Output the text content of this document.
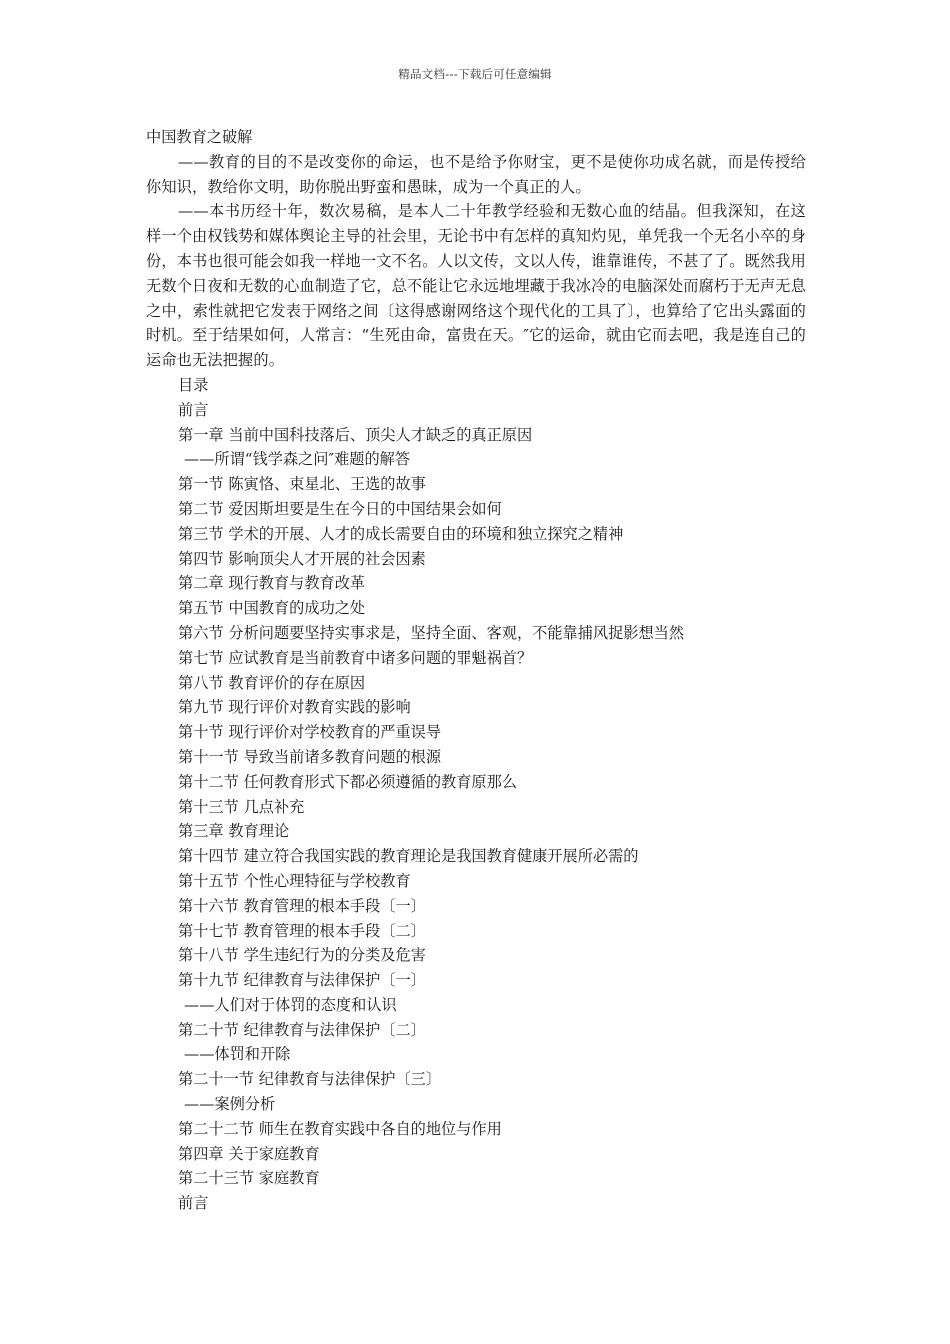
精品文档---下载后可任意编辑
中国教育之破解

——教育的目的不是改变你的命运，也不是给予你财宝，更不是使你功成名就，而是传授给你知识，教给你文明，助你脱出野蛮和愚昧，成为一个真正的人。

——本书历经十年，数次易稿，是本人二十年教学经验和无数心血的结晶。但我深知，在这样一个由权钱势和媒体舆论主导的社会里，无论书中有怎样的真知灼见，单凭我一个无名小卒的身份，本书也很可能会如我一样地一文不名。人以文传，文以人传，谁靠谁传，不甚了了。既然我用无数个日夜和无数的心血制造了它，总不能让它永远地埋藏于我冰冷的电脑深处而腐朽于无声无息之中，索性就把它发表于网络之间〔这得感谢网络这个现代化的工具了〕，也算给了它出头露面的时机。至于结果如何，人常言：“生死由命，富贵在天。″它的运命，就由它而去吧，我是连自己的运命也无法把握的。

目录
前言
第一章 当前中国科技落后、顶尖人才缺乏的真正原因
——所谓“钱学森之问″难题的解答
第一节 陈寅恪、束星北、王选的故事
第二节 爱因斯坦要是生在今日的中国结果会如何
第三节 学术的开展、人才的成长需要自由的环境和独立探究之精神
第四节 影响顶尖人才开展的社会因素
第二章 现行教育与教育改革
第五节 中国教育的成功之处
第六节 分析问题要坚持实事求是，坚持全面、客观，不能靠捕风捉影想当然
第七节 应试教育是当前教育中诸多问题的罪魁祸首？
第八节 教育评价的存在原因
第九节 现行评价对教育实践的影响
第十节 现行评价对学校教育的严重误导
第十一节 导致当前诸多教育问题的根源
第十二节 任何教育形式下都必须遵循的教育原那么
第十三节 几点补充
第三章 教育理论
第十四节 建立符合我国实践的教育理论是我国教育健康开展所必需的
第十五节 个性心理特征与学校教育
第十六节 教育管理的根本手段〔一〕
第十七节 教育管理的根本手段〔二〕
第十八节 学生违纪行为的分类及危害
第十九节 纪律教育与法律保护〔一〕
——人们对于体罚的态度和认识
第二十节 纪律教育与法律保护〔二〕
——体罚和开除
第二十一节 纪律教育与法律保护〔三〕
——案例分析
第二十二节 师生在教育实践中各自的地位与作用
第四章 关于家庭教育
第二十三节 家庭教育
前言
